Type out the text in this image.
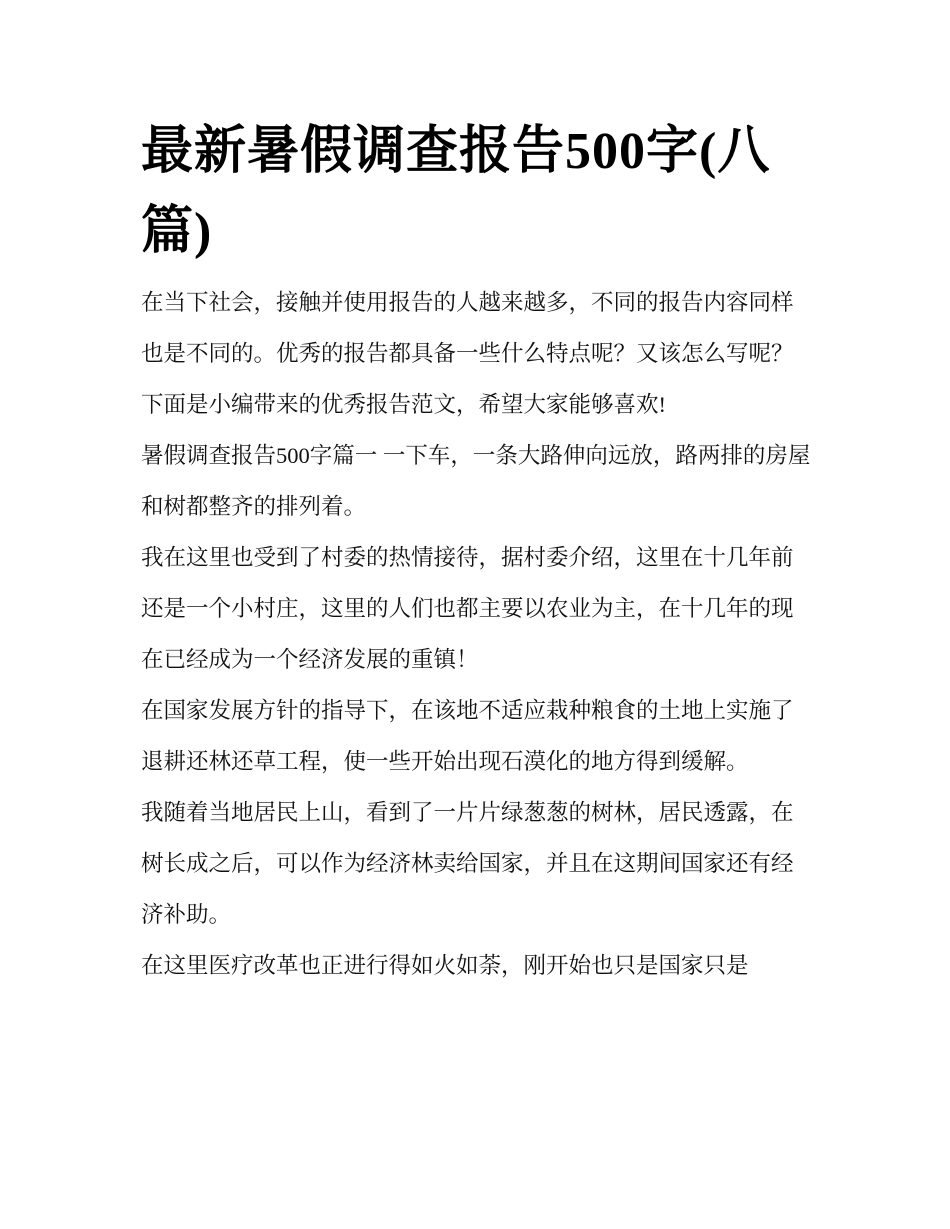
最新暑假调查报告500字(八篇)

在当下社会，接触并使用报告的人越来越多，不同的报告内容同样也是不同的。优秀的报告都具备一些什么特点呢？又该怎么写呢？下面是小编带来的优秀报告范文，希望大家能够喜欢!

暑假调查报告500字篇一 一下车，一条大路伸向远放，路两排的房屋和树都整齐的排列着。

我在这里也受到了村委的热情接待，据村委介绍，这里在十几年前还是一个小村庄，这里的人们也都主要以农业为主，在十几年的现在已经成为一个经济发展的重镇！

在国家发展方针的指导下，在该地不适应栽种粮食的土地上实施了退耕还林还草工程，使一些开始出现石漠化的地方得到缓解。

我随着当地居民上山，看到了一片片绿葱葱的树林，居民透露，在树长成之后，可以作为经济林卖给国家，并且在这期间国家还有经济补助。

在这里医疗改革也正进行得如火如荼，刚开始也只是国家只是
